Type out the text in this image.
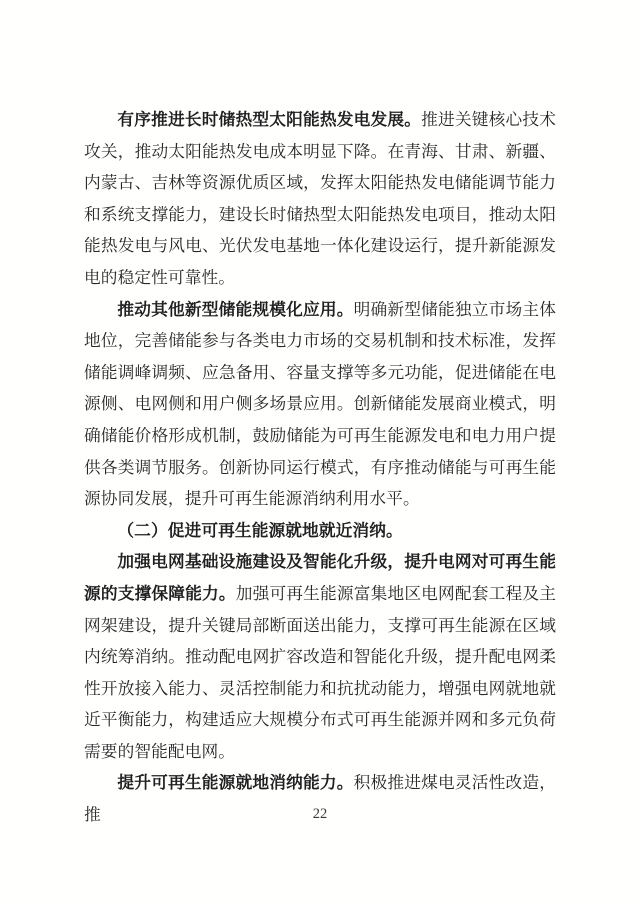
有序推进长时储热型太阳能热发电发展。推进关键核心技术攻关，推动太阳能热发电成本明显下降。在青海、甘肃、新疆、内蒙古、吉林等资源优质区域，发挥太阳能热发电储能调节能力和系统支撑能力，建设长时储热型太阳能热发电项目，推动太阳能热发电与风电、光伏发电基地一体化建设运行，提升新能源发电的稳定性可靠性。

推动其他新型储能规模化应用。明确新型储能独立市场主体地位，完善储能参与各类电力市场的交易机制和技术标准，发挥储能调峰调频、应急备用、容量支撑等多元功能，促进储能在电源侧、电网侧和用户侧多场景应用。创新储能发展商业模式，明确储能价格形成机制，鼓励储能为可再生能源发电和电力用户提供各类调节服务。创新协同运行模式，有序推动储能与可再生能源协同发展，提升可再生能源消纳利用水平。

（二）促进可再生能源就地就近消纳。

加强电网基础设施建设及智能化升级，提升电网对可再生能源的支撑保障能力。加强可再生能源富集地区电网配套工程及主网架建设，提升关键局部断面送出能力，支撑可再生能源在区域内统筹消纳。推动配电网扩容改造和智能化升级，提升配电网柔性开放接入能力、灵活控制能力和抗扰动能力，增强电网就地就近平衡能力，构建适应大规模分布式可再生能源并网和多元负荷需要的智能配电网。

提升可再生能源就地消纳能力。积极推进煤电灵活性改造，推	22
